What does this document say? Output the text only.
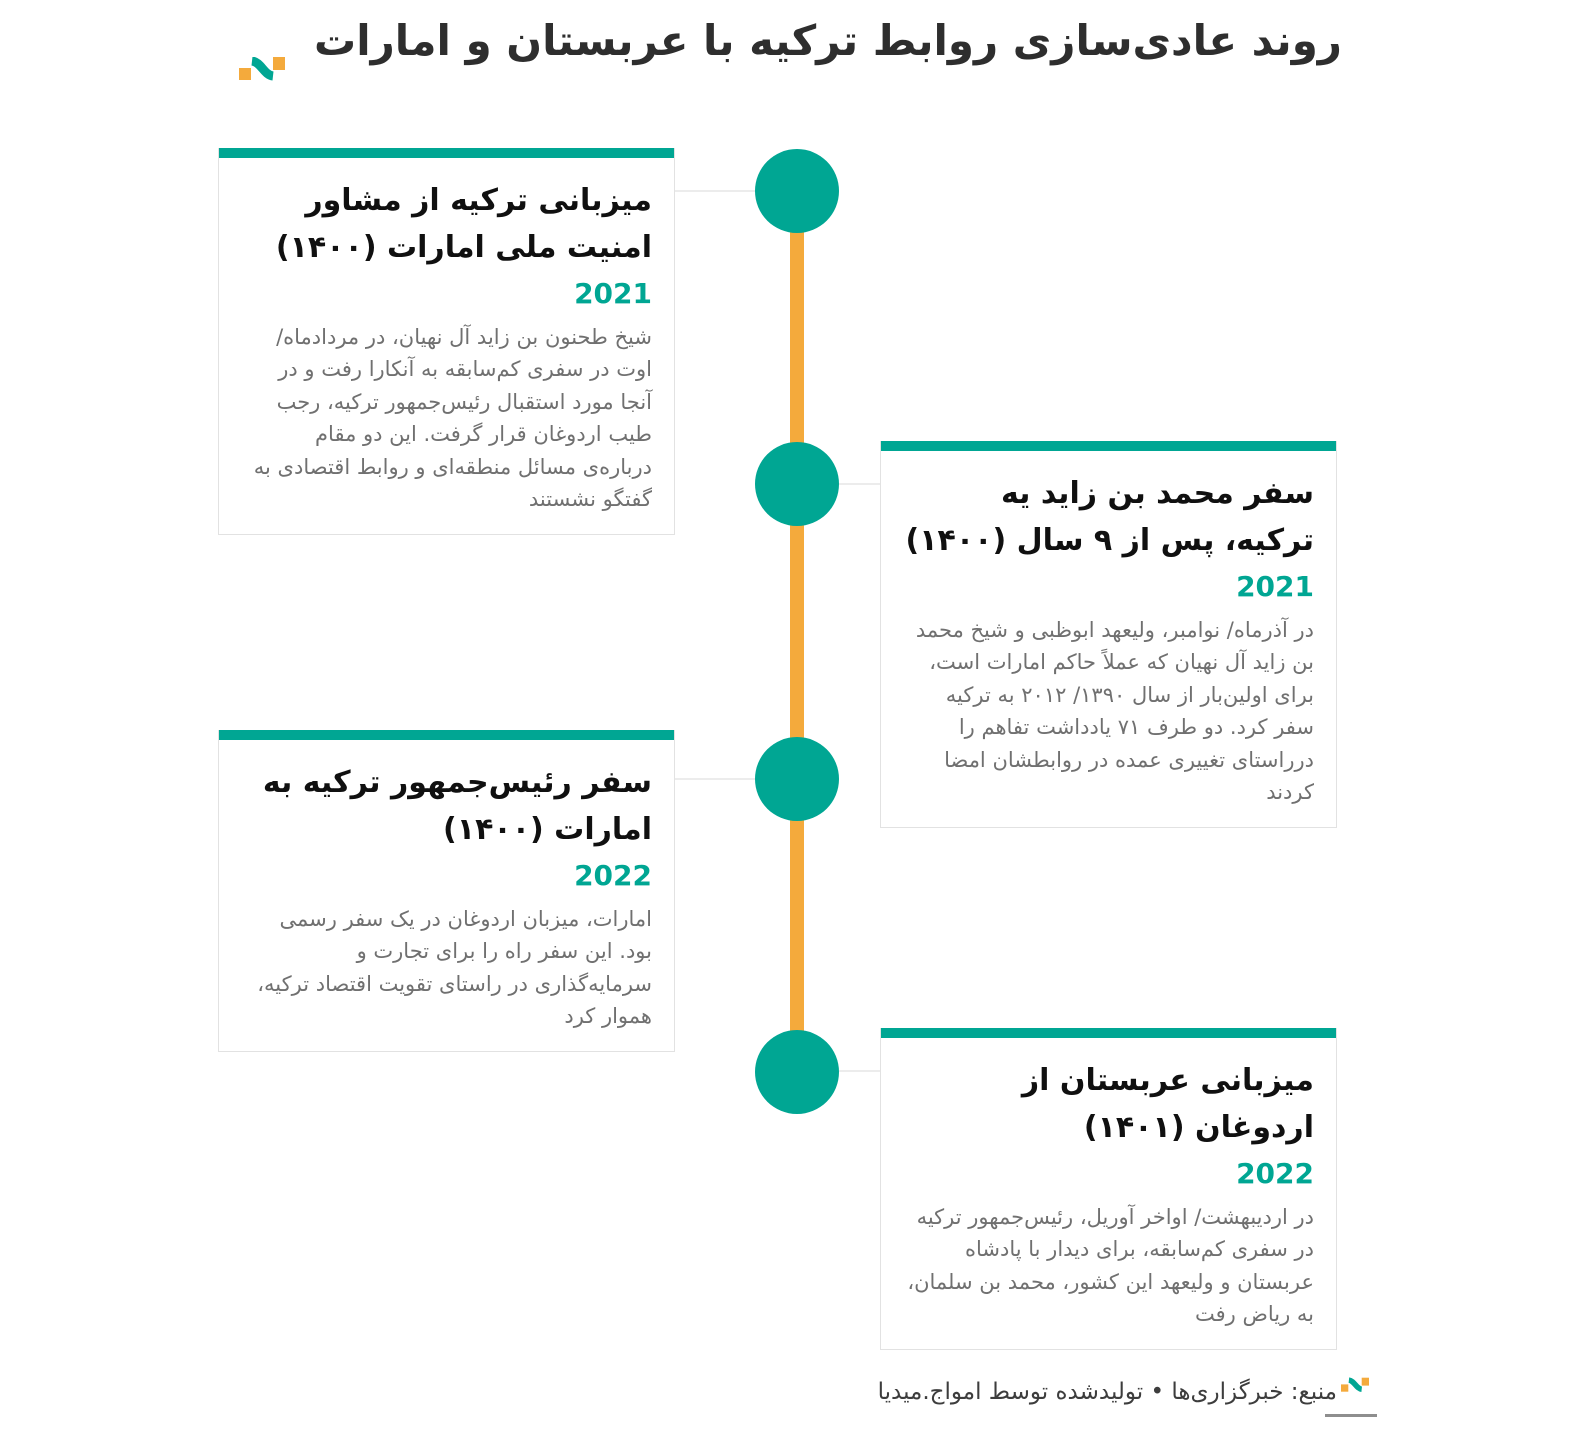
روند عادی‌سازی روابط ترکیه با عربستان و امارات
میزبانی ترکیه از مشاور امنیت ملی امارات (۱۴۰۰)
2021

شیخ طحنون بن زاید آل نهیان، در مردادماه/ اوت در سفری کم‌سابقه به آنکارا رفت و در آنجا مورد استقبال رئیس‌جمهور ترکیه، رجب طیب اردوغان قرار گرفت. این دو مقام درباره‌ی مسائل منطقه‌ای و روابط اقتصادی به گفتگو نشستند	سفر محمد بن زاید یه ترکیه، پس از ۹ سال (۱۴۰۰)
2021

در آذرماه/ نوامبر، ولیعهد ابوظبی و شیخ محمد بن زاید آل نهیان که عملاً حاکم امارات است، برای اولین‌بار از سال ۱۳۹۰/ ۲۰۱۲ به ترکیه سفر کرد. دو طرف ۷۱ یادداشت تفاهم را درراستای تغییری عمده در روابطشان امضا کردند

سفر رئیس‌جمهور ترکیه به امارات (۱۴۰۰)
2022

امارات، میزبان اردوغان در یک سفر رسمی بود. این سفر راه را برای تجارت و سرمایه‌گذاری در راستای تقویت اقتصاد ترکیه، هموار کرد

میزبانی عربستان از اردوغان (۱۴۰۱)
2022

در اردیبهشت/ اواخر آوریل، رئیس‌جمهور ترکیه در سفری کم‌سابقه، برای دیدار با پادشاه عربستان و ولیعهد این کشور، محمد بن سلمان، به ریاض رفت

منبع: خبرگزاری‌ها • تولیدشده توسط امواج.میدیا
